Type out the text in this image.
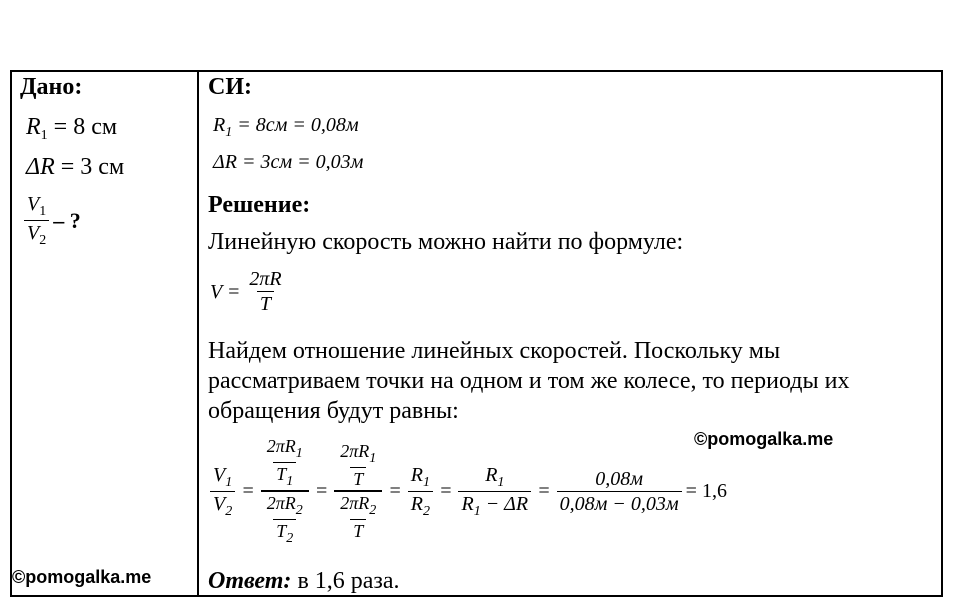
Дано:
$R_1 = 8$ см
ΔR = 3 см
$\frac{V_1}{V_2}$ – ?
СИ:
$R_1 = 8см = 0,08м$
ΔR = 3см = 0,03м
Решение:
Линейную скорость можно найти по формуле:
$V = \frac{2\pi R}{T}$
Найдем отношение линейных скоростей. Поскольку мы
рассматриваем точки на одном и том же колесе, то периоды их
обращения будут равны:
$\frac{V_1}{V_2} = \frac{\frac{2\pi R_1}{T_1}}{\frac{2\pi R_2}{T_2}} = \frac{\frac{2\pi R_1}{T}}{\frac{2\pi R_2}{T}} = \frac{R_1}{R_2} = \frac{R_1}{R_1 - \Delta R} = \frac{0,08м}{0,08м - 0,03м} = 1,6$
Ответ: в 1,6 раза.
©pomogalka.me
©pomogalka.me
